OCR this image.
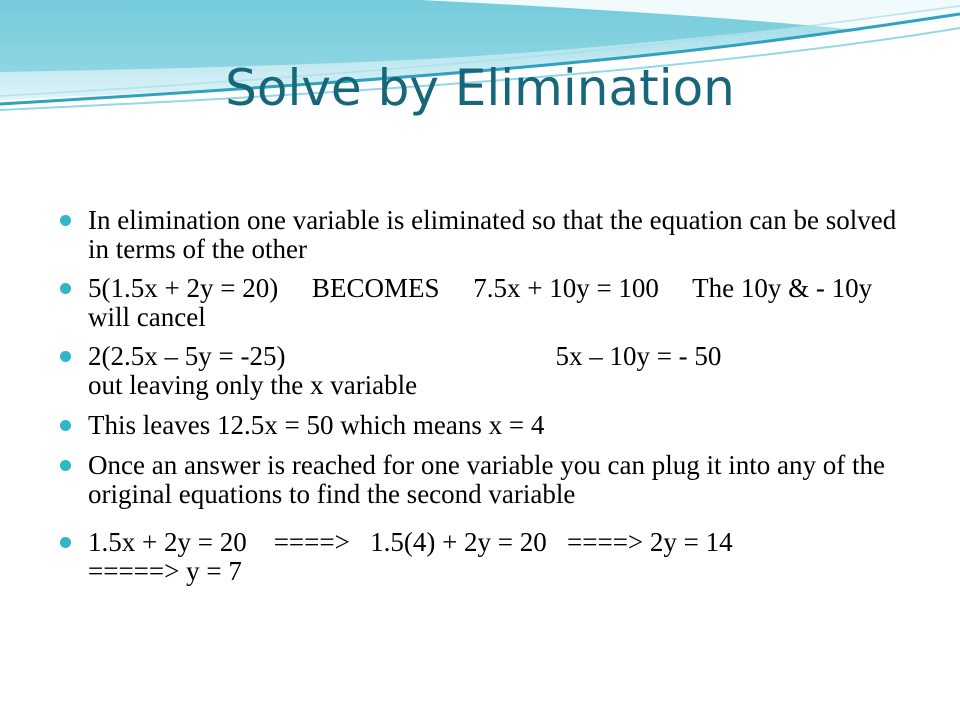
Solve by Elimination
In elimination one variable is eliminated so that the equation can be solved in terms of the other
5(1.5x + 2y = 20)     BECOMES     7.5x + 10y = 100     The 10y & - 10y will cancel
2(2.5x – 5y = -25)                                        5x – 10y = - 50
out leaving only the x variable
This leaves 12.5x = 50 which means x = 4
Once an answer is reached for one variable you can plug it into any of the original equations to find the second variable
1.5x + 2y = 20    ====>   1.5(4) + 2y = 20   ====> 2y = 14
=====> y = 7
